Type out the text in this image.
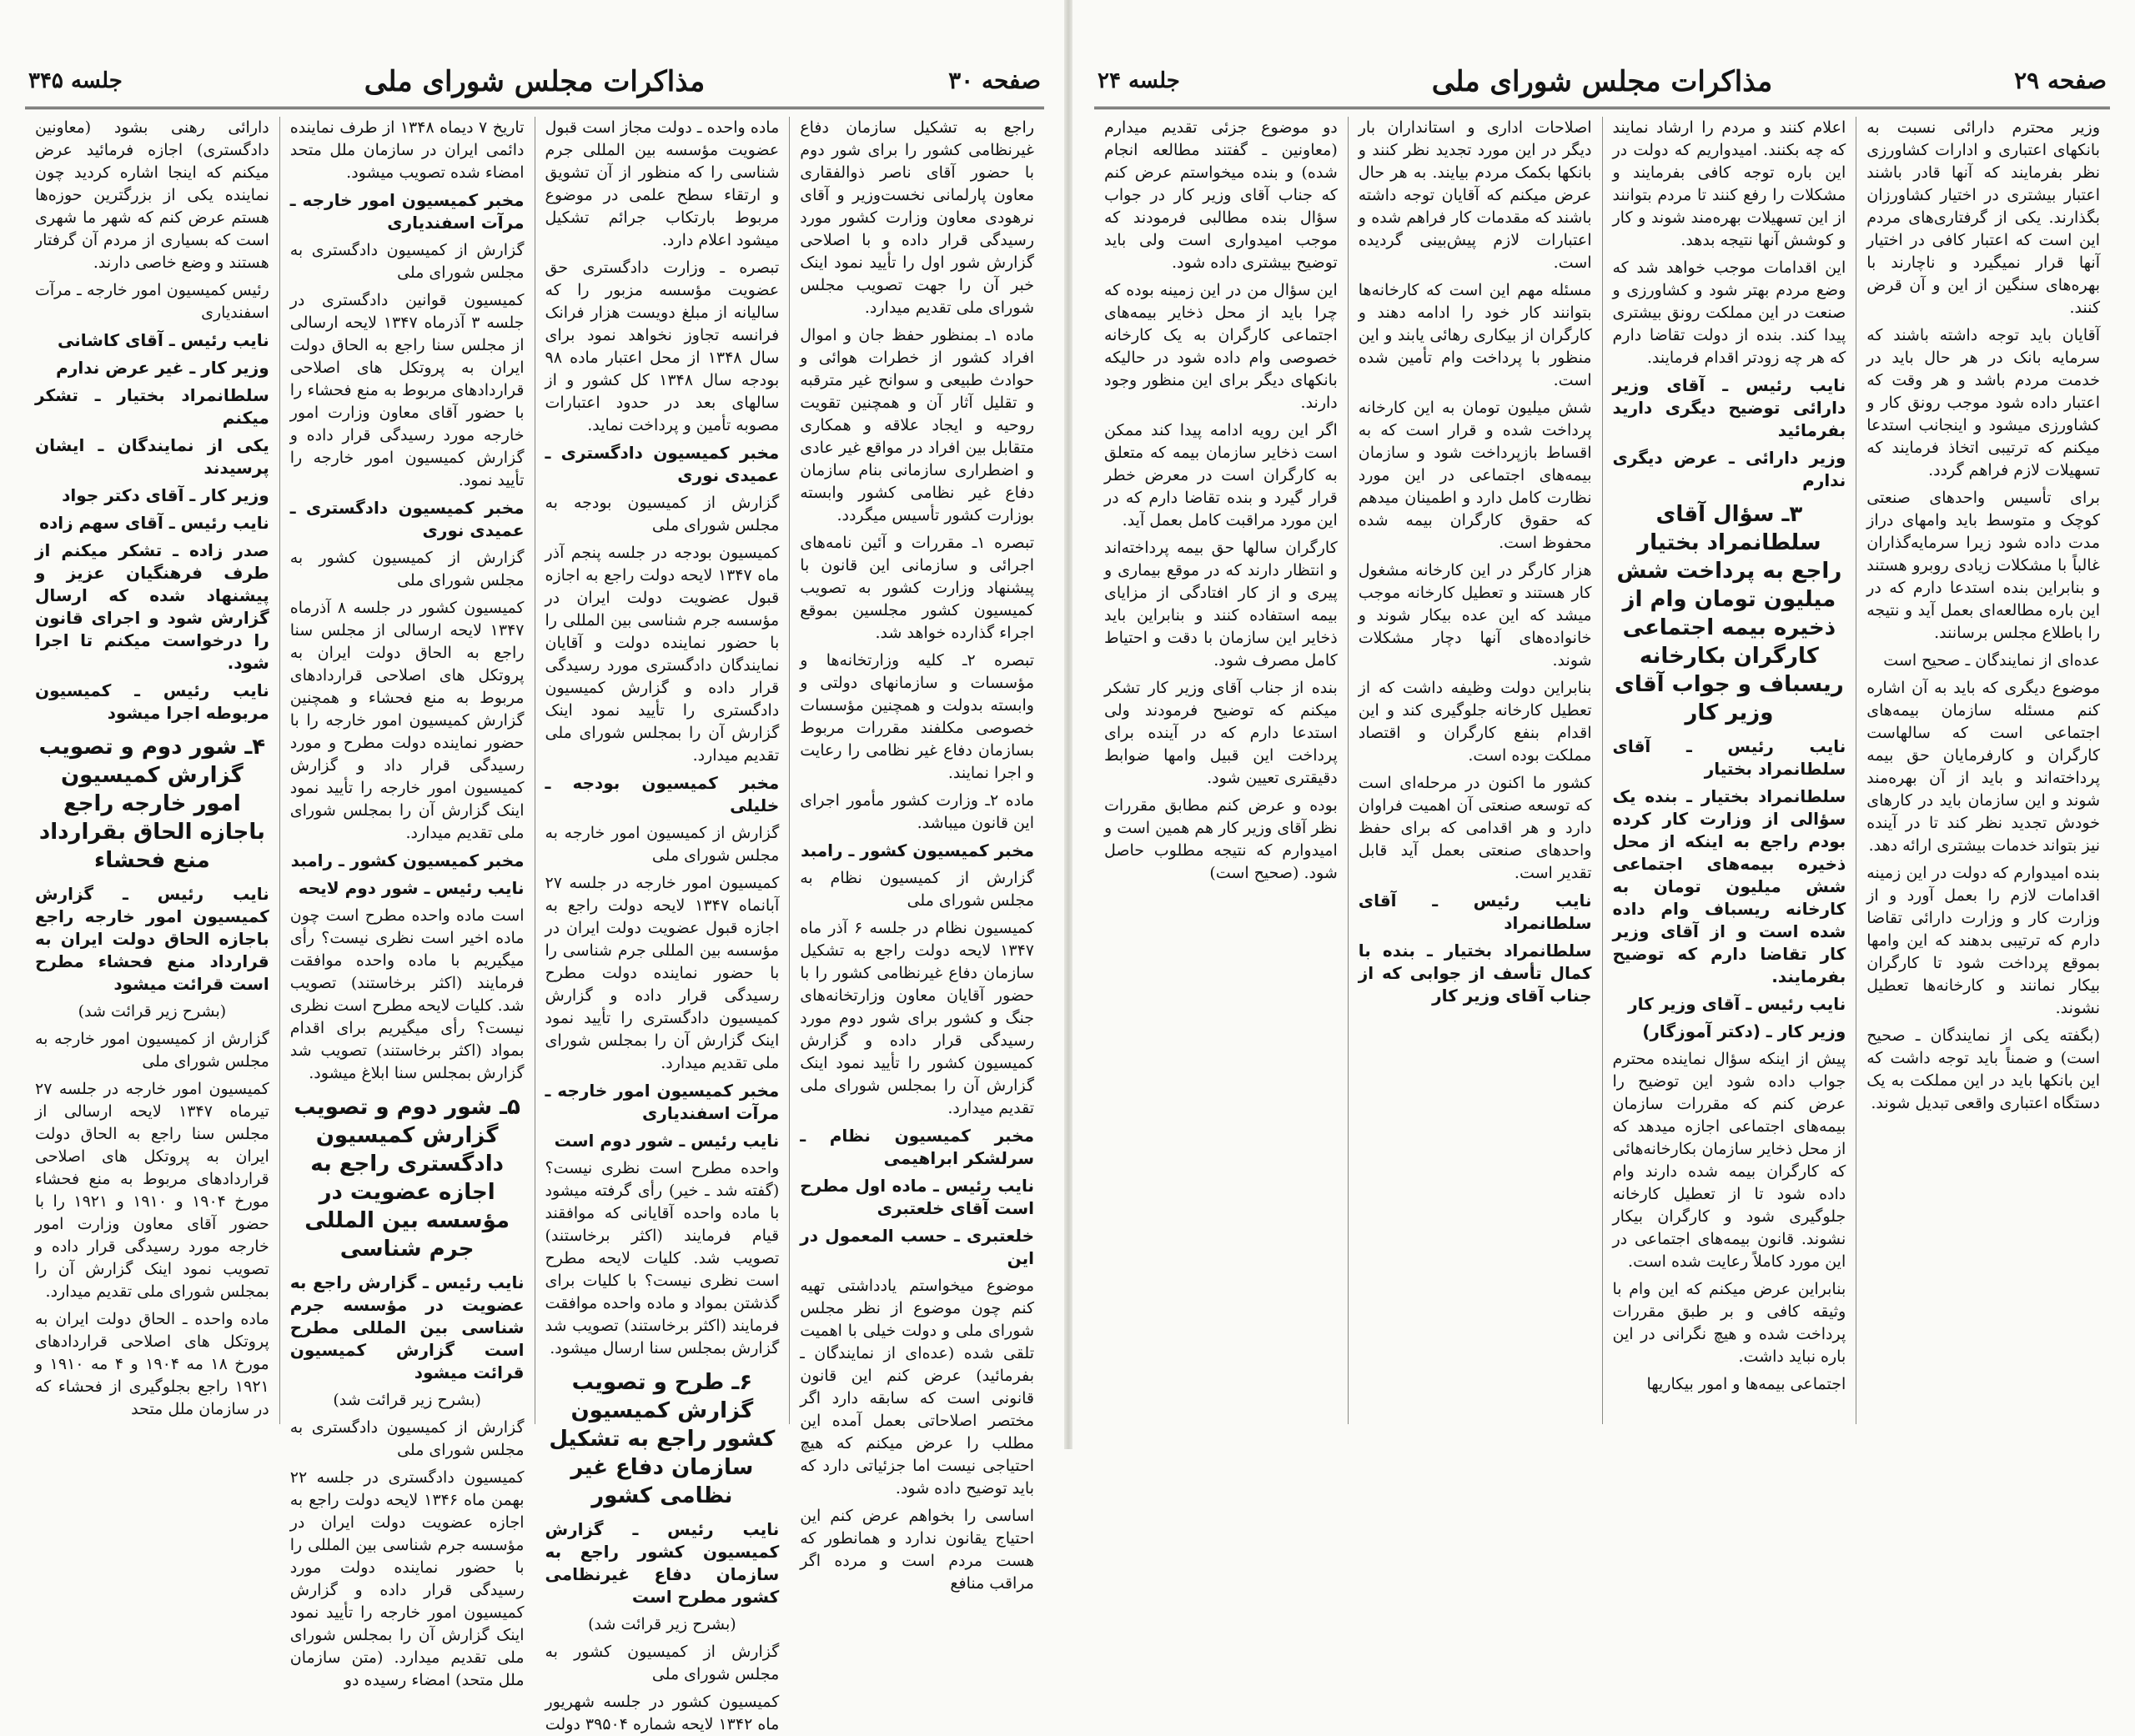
صفحه ۲۹
مذاکرات مجلس شورای ملی
جلسه ۲۴

وزیر محترم دارائی نسبت به بانکهای اعتباری و ادارات کشاورزی نظر بفرمایند که آنها قادر باشند اعتبار بیشتری در اختیار کشاورزان بگذارند. یکی از گرفتاری‌های مردم این است که اعتبار کافی در اختیار آنها قرار نمیگیرد و ناچارند با بهره‌های سنگین از این و آن قرض کنند.

آقایان باید توجه داشته باشند که سرمایه بانک در هر حال باید در خدمت مردم باشد و هر وقت که اعتبار داده شود موجب رونق کار و کشاورزی میشود و اینجانب استدعا میکنم که ترتیبی اتخاذ فرمایند که تسهیلات لازم فراهم گردد.

برای تأسیس واحدهای صنعتی کوچک و متوسط باید وامهای دراز مدت داده شود زیرا سرمایه‌گذاران غالباً با مشکلات زیادی روبرو هستند و بنابراین بنده استدعا دارم که در این باره مطالعه‌ای بعمل آید و نتیجه را باطلاع مجلس برسانند.

عده‌ای از نمایندگان ـ صحیح است

موضوع دیگری که باید به آن اشاره کنم مسئله سازمان بیمه‌های اجتماعی است که سالهاست کارگران و کارفرمایان حق بیمه پرداخته‌اند و باید از آن بهره‌مند شوند و این سازمان باید در کارهای خودش تجدید نظر کند تا در آینده نیز بتواند خدمات بیشتری ارائه دهد.

بنده امیدوارم که دولت در این زمینه اقدامات لازم را بعمل آورد و از وزارت کار و وزارت دارائی تقاضا دارم که ترتیبی بدهند که این وامها بموقع پرداخت شود تا کارگران بیکار نمانند و کارخانه‌ها تعطیل نشوند.

(بگفته یکی از نمایندگان ـ صحیح است) و ضمناً باید توجه داشت که این بانکها باید در این مملکت به یک دستگاه اعتباری واقعی تبدیل شوند.

اعلام کنند و مردم را ارشاد نمایند که چه بکنند. امیدواریم که دولت در این باره توجه کافی بفرمایند و مشکلات را رفع کنند تا مردم بتوانند از این تسهیلات بهره‌مند شوند و کار و کوشش آنها نتیجه بدهد.

این اقدامات موجب خواهد شد که وضع مردم بهتر شود و کشاورزی و صنعت در این مملکت رونق بیشتری پیدا کند. بنده از دولت تقاضا دارم که هر چه زودتر اقدام فرمایند.

نایب رئیس ـ آقای وزیر دارائی توضیح دیگری دارید بفرمائید

وزیر دارائی ـ عرض دیگری ندارم

۳ـ سؤال آقای سلطانمراد بختیار راجع به پرداخت شش میلیون تومان وام از ذخیره بیمه اجتماعی کارگران بکارخانه ریسباف و جواب آقای وزیر کار

نایب رئیس ـ آقای سلطانمراد بختیار

سلطانمراد بختیار ـ بنده یک سؤالی از وزارت کار کرده بودم راجع به اینکه از محل ذخیره بیمه‌های اجتماعی شش میلیون تومان به کارخانه ریسباف وام داده شده است و از آقای وزیر کار تقاضا دارم که توضیح بفرمایند.

نایب رئیس ـ آقای وزیر کار

وزیر کار ـ (دکتر آموزگار)

پیش از اینکه سؤال نماینده محترم جواب داده شود این توضیح را عرض کنم که مقررات سازمان بیمه‌های اجتماعی اجازه میدهد که از محل ذخایر سازمان بکارخانه‌هائی که کارگران بیمه شده دارند وام داده شود تا از تعطیل کارخانه جلوگیری شود و کارگران بیکار نشوند. قانون بیمه‌های اجتماعی در این مورد کاملاً رعایت شده است.

بنابراین عرض میکنم که این وام با وثیقه کافی و بر طبق مقررات پرداخت شده و هیچ نگرانی در این باره نباید داشت.

اجتماعی بیمه‌ها و امور بیکاریها

اصلاحات اداری و استانداران بار دیگر در این مورد تجدید نظر کنند و بانکها بکمک مردم بیایند. به هر حال عرض میکنم که آقایان توجه داشته باشند که مقدمات کار فراهم شده و اعتبارات لازم پیش‌بینی گردیده است.

مسئله مهم این است که کارخانه‌ها بتوانند کار خود را ادامه دهند و کارگران از بیکاری رهائی یابند و این منظور با پرداخت وام تأمین شده است.

شش میلیون تومان به این کارخانه پرداخت شده و قرار است که به اقساط بازپرداخت شود و سازمان بیمه‌های اجتماعی در این مورد نظارت کامل دارد و اطمینان میدهم که حقوق کارگران بیمه شده محفوظ است.

هزار کارگر در این کارخانه مشغول کار هستند و تعطیل کارخانه موجب میشد که این عده بیکار شوند و خانواده‌های آنها دچار مشکلات شوند.

بنابراین دولت وظیفه داشت که از تعطیل کارخانه جلوگیری کند و این اقدام بنفع کارگران و اقتصاد مملکت بوده است.

کشور ما اکنون در مرحله‌ای است که توسعه صنعتی آن اهمیت فراوان دارد و هر اقدامی که برای حفظ واحدهای صنعتی بعمل آید قابل تقدیر است.

نایب رئیس ـ آقای سلطانمراد

سلطانمراد بختیار ـ بنده با کمال تأسف از جوابی که از جناب آقای وزیر کار

دو موضوع جزئی تقدیم میدارم (معاونین ـ گفتند مطالعه انجام شده) و بنده میخواستم عرض کنم که جناب آقای وزیر کار در جواب سؤال بنده مطالبی فرمودند که موجب امیدواری است ولی باید توضیح بیشتری داده شود.

این سؤال من در این زمینه بوده که چرا باید از محل ذخایر بیمه‌های اجتماعی کارگران به یک کارخانه خصوصی وام داده شود در حالیکه بانکهای دیگر برای این منظور وجود دارند.

اگر این رویه ادامه پیدا کند ممکن است ذخایر سازمان بیمه که متعلق به کارگران است در معرض خطر قرار گیرد و بنده تقاضا دارم که در این مورد مراقبت کامل بعمل آید.

کارگران سالها حق بیمه پرداخته‌اند و انتظار دارند که در موقع بیماری و پیری و از کار افتادگی از مزایای بیمه استفاده کنند و بنابراین باید ذخایر این سازمان با دقت و احتیاط کامل مصرف شود.

بنده از جناب آقای وزیر کار تشکر میکنم که توضیح فرمودند ولی استدعا دارم که در آینده برای پرداخت این قبیل وامها ضوابط دقیقتری تعیین شود.

بوده و عرض کنم مطابق مقررات نظر آقای وزیر کار هم همین است و امیدوارم که نتیجه مطلوب حاصل شود. (صحیح است)

صفحه ۳۰
مذاکرات مجلس شورای ملی
جلسه ۳۴۵

راجع به تشکیل سازمان دفاع غیرنظامی کشور را برای شور دوم با حضور آقای ناصر ذوالفقاری معاون پارلمانی نخست‌وزیر و آقای نرهودی معاون وزارت کشور مورد رسیدگی قرار داده و با اصلاحی گزارش شور اول را تأیید نمود اینک خبر آن را جهت تصویب مجلس شورای ملی تقدیم میدارد.

ماده ۱ـ بمنظور حفظ جان و اموال افراد کشور از خطرات هوائی و حوادث طبیعی و سوانح غیر مترقبه و تقلیل آثار آن و همچنین تقویت روحیه و ایجاد علاقه و همکاری متقابل بین افراد در مواقع غیر عادی و اضطراری سازمانی بنام سازمان دفاع غیر نظامی کشور وابسته بوزارت کشور تأسیس میگردد.

تبصره ۱ـ مقررات و آئین نامه‌های اجرائی و سازمانی این قانون با پیشنهاد وزارت کشور به تصویب کمیسیون کشور مجلسین بموقع اجراء گذارده خواهد شد.

تبصره ۲ـ کلیه وزارتخانه‌ها و مؤسسات و سازمانهای دولتی و وابسته بدولت و همچنین مؤسسات خصوصی مکلفند مقررات مربوط بسازمان دفاع غیر نظامی را رعایت و اجرا نمایند.

ماده ۲ـ وزارت کشور مأمور اجرای این قانون میباشد.

مخبر کمیسیون کشور ـ رامبد

گزارش از کمیسیون نظام به مجلس شورای ملی

کمیسیون نظام در جلسه ۶ آذر ماه ۱۳۴۷ لایحه دولت راجع به تشکیل سازمان دفاع غیرنظامی کشور را با حضور آقایان معاون وزارتخانه‌های جنگ و کشور برای شور دوم مورد رسیدگی قرار داده و گزارش کمیسیون کشور را تأیید نمود اینک گزارش آن را بمجلس شورای ملی تقدیم میدارد.

مخبر کمیسیون نظام ـ سرلشکر ابراهیمی

نایب رئیس ـ ماده اول مطرح است آقای خلعتبری

خلعتبری ـ حسب المعمول در این

موضوع میخواستم یادداشتی تهیه کنم چون موضوع از نظر مجلس شورای ملی و دولت خیلی با اهمیت تلقی شده (عده‌ای از نمایندگان ـ بفرمائید) عرض کنم این قانون قانونی است که سابقه دارد اگر مختصر اصلاحاتی بعمل آمده این مطلب را عرض میکنم که هیچ احتیاجی نیست اما جزئیاتی دارد که باید توضیح داده شود.

اساسی را بخواهم عرض کنم این احتیاج یقانون ندارد و همانطور که هست مردم است و مرده اگر مراقب منافع

ماده واحده ـ دولت مجاز است قبول عضویت مؤسسه بین المللی جرم شناسی را که منظور از آن تشویق و ارتقاء سطح علمی در موضوع مربوط بارتکاب جرائم تشکیل میشود اعلام دارد.

تبصره ـ وزارت دادگستری حق عضویت مؤسسه مزبور را که سالیانه از مبلغ دویست هزار فرانک فرانسه تجاوز نخواهد نمود برای سال ۱۳۴۸ از محل اعتبار ماده ۹۸ بودجه سال ۱۳۴۸ کل کشور و از سالهای بعد در حدود اعتبارات مصوبه تأمین و پرداخت نماید.

مخبر کمیسیون دادگستری ـ عمیدی نوری

گزارش از کمیسیون بودجه به مجلس شورای ملی

کمیسیون بودجه در جلسه پنجم آذر ماه ۱۳۴۷ لایحه دولت راجع به اجازه قبول عضویت دولت ایران در مؤسسه جرم شناسی بین المللی را با حضور نماینده دولت و آقایان نمایندگان دادگستری مورد رسیدگی قرار داده و گزارش کمیسیون دادگستری را تأیید نمود اینک گزارش آن را بمجلس شورای ملی تقدیم میدارد.

مخبر کمیسیون بودجه ـ خلیلی

گزارش از کمیسیون امور خارجه به مجلس شورای ملی

کمیسیون امور خارجه در جلسه ۲۷ آبانماه ۱۳۴۷ لایحه دولت راجع به اجازه قبول عضویت دولت ایران در مؤسسه بین المللی جرم شناسی را با حضور نماینده دولت مطرح رسیدگی قرار داده و گزارش کمیسیون دادگستری را تأیید نمود اینک گزارش آن را بمجلس شورای ملی تقدیم میدارد.

مخبر کمیسیون امور خارجه ـ مرآت اسفندیاری

نایب رئیس ـ شور دوم است

واحده مطرح است نظری نیست؟ (گفته شد ـ خیر) رأی گرفته میشود با ماده واحده آقایانی که موافقند قیام فرمایند (اکثر برخاستند) تصویب شد. کلیات لایحه مطرح است نظری نیست؟ با کلیات برای گذشتن بمواد و ماده واحده موافقت فرمایند (اکثر برخاستند) تصویب شد گزارش بمجلس سنا ارسال میشود.

۶ـ طرح و تصویب گزارش کمیسیون کشور راجع به تشکیل سازمان دفاع غیر نظامی کشور

نایب رئیس ـ گزارش کمیسیون کشور راجع به سازمان دفاع غیرنظامی کشور مطرح است

(بشرح زیر قرائت شد)

گزارش از کمیسیون کشور به مجلس شورای ملی

کمیسیون کشور در جلسه شهریور ماه ۱۳۴۲ لایحه شماره ۳۹۵۰۴ دولت

تاریخ ۷ دیماه ۱۳۴۸ از طرف نماینده دائمی ایران در سازمان ملل متحد امضاء شده تصویب میشود.

مخبر کمیسیون امور خارجه ـ مرآت اسفندیاری

گزارش از کمیسیون دادگستری به مجلس شورای ملی

کمیسیون قوانین دادگستری در جلسه ۳ آذرماه ۱۳۴۷ لایحه ارسالی از مجلس سنا راجع به الحاق دولت ایران به پروتکل های اصلاحی قراردادهای مربوط به منع فحشاء را با حضور آقای معاون وزارت امور خارجه مورد رسیدگی قرار داده و گزارش کمیسیون امور خارجه را تأیید نمود.

مخبر کمیسیون دادگستری ـ عمیدی نوری

گزارش از کمیسیون کشور به مجلس شورای ملی

کمیسیون کشور در جلسه ۸ آذرماه ۱۳۴۷ لایحه ارسالی از مجلس سنا راجع به الحاق دولت ایران به پروتکل های اصلاحی قراردادهای مربوط به منع فحشاء و همچنین گزارش کمیسیون امور خارجه را با حضور نماینده دولت مطرح و مورد رسیدگی قرار داد و گزارش کمیسیون امور خارجه را تأیید نمود اینک گزارش آن را بمجلس شورای ملی تقدیم میدارد.

مخبر کمیسیون کشور ـ رامبد

نایب رئیس ـ شور دوم لایحه

است ماده واحده مطرح است چون ماده اخیر است نظری نیست؟ رأی میگیریم با ماده واحده موافقت فرمایند (اکثر برخاستند) تصویب شد. کلیات لایحه مطرح است نظری نیست؟ رأی میگیریم برای اقدام بمواد (اکثر برخاستند) تصویب شد گزارش بمجلس سنا ابلاغ میشود.

۵ـ شور دوم و تصویب گزارش کمیسیون دادگستری راجع به اجازه عضویت در مؤسسه بین المللی جرم شناسی

نایب رئیس ـ گزارش راجع به عضویت در مؤسسه جرم شناسی بین المللی مطرح است گزارش کمیسیون قرائت میشود

(بشرح زیر قرائت شد)

گزارش از کمیسیون دادگستری به مجلس شورای ملی

کمیسیون دادگستری در جلسه ۲۲ بهمن ماه ۱۳۴۶ لایحه دولت راجع به اجازه عضویت دولت ایران در مؤسسه جرم شناسی بین المللی را با حضور نماینده دولت مورد رسیدگی قرار داده و گزارش کمیسیون امور خارجه را تأیید نمود اینک گزارش آن را بمجلس شورای ملی تقدیم میدارد. (متن سازمان ملل متحد) امضاء رسیده دو

دارائی رهنی بشود (معاونین دادگستری) اجازه فرمائید عرض میکنم که اینجا اشاره کردید چون نماینده یکی از بزرگترین حوزه‌ها هستم عرض کنم که شهر ما شهری است که بسیاری از مردم آن گرفتار هستند و وضع خاصی دارند.

رئیس کمیسیون امور خارجه ـ مرآت اسفندیاری

نایب رئیس ـ آقای کاشانی

وزیر کار ـ غیر عرض ندارم

سلطانمراد بختیار ـ تشکر میکنم

یکی از نمایندگان ـ ایشان پرسیدند

وزیر کار ـ آقای دکتر جواد

نایب رئیس ـ آقای سهم زاده

صدر زاده ـ تشکر میکنم از طرف فرهنگیان عزیز و پیشنهاد شده که ارسال گزارش شود و اجرای قانون را درخواست میکنم تا اجرا شود.

نایب رئیس ـ کمیسیون مربوطه اجرا میشود

۴ـ شور دوم و تصویب گزارش کمیسیون امور خارجه راجع باجازه الحاق بقرارداد منع فحشاء

نایب رئیس ـ گزارش کمیسیون امور خارجه راجع باجازه الحاق دولت ایران به قرارداد منع فحشاء مطرح است قرائت میشود

(بشرح زیر قرائت شد)

گزارش از کمیسیون امور خارجه به مجلس شورای ملی

کمیسیون امور خارجه در جلسه ۲۷ تیرماه ۱۳۴۷ لایحه ارسالی از مجلس سنا راجع به الحاق دولت ایران به پروتکل های اصلاحی قراردادهای مربوط به منع فحشاء مورخ ۱۹۰۴ و ۱۹۱۰ و ۱۹۲۱ را با حضور آقای معاون وزارت امور خارجه مورد رسیدگی قرار داده و تصویب نمود اینک گزارش آن را بمجلس شورای ملی تقدیم میدارد.

ماده واحده ـ الحاق دولت ایران به پروتکل های اصلاحی قراردادهای مورخ ۱۸ مه ۱۹۰۴ و ۴ مه ۱۹۱۰ و ۱۹۲۱ راجع بجلوگیری از فحشاء که در سازمان ملل متحد
